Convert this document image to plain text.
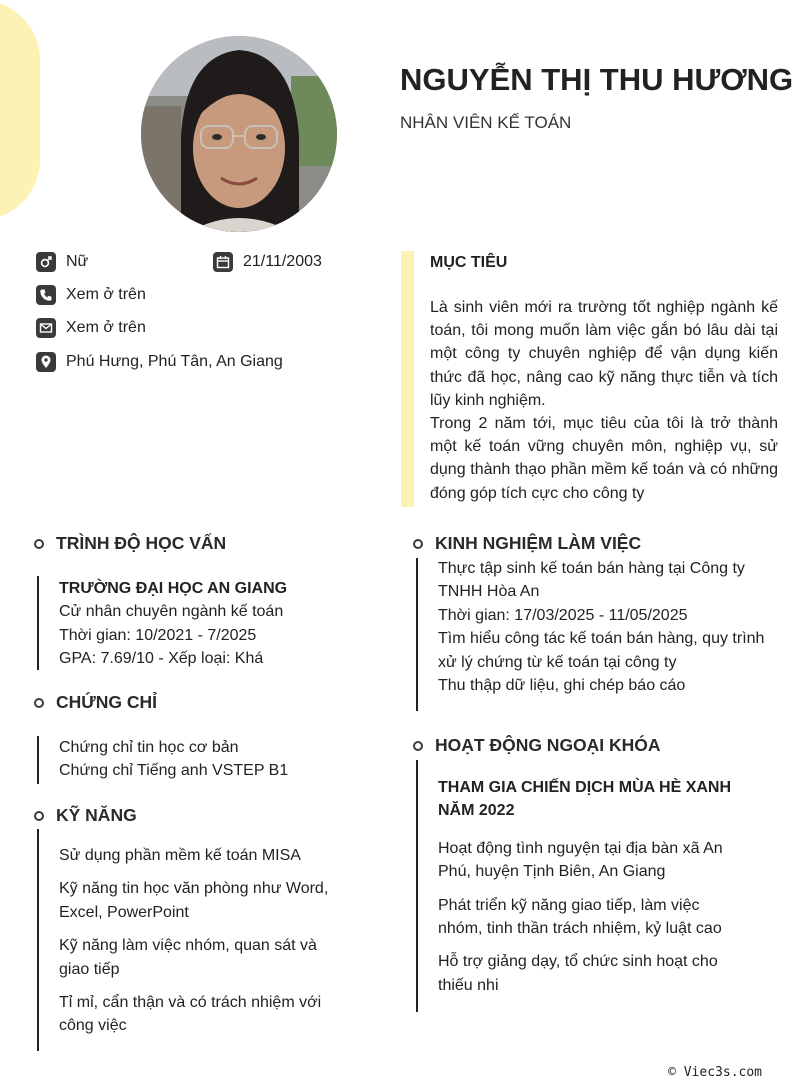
NGUYỄN THỊ THU HƯƠNG
NHÂN VIÊN KẾ TOÁN
Nữ	21/11/2003
Xem ở trên
Xem ở trên
Phú Hưng, Phú Tân, An Giang
MỤC TIÊU
Là sinh viên mới ra trường tốt nghiệp ngành kế toán, tôi mong muốn làm việc gắn bó lâu dài tại một công ty chuyên nghiệp để vận dụng kiến thức đã học, nâng cao kỹ năng thực tiễn và tích lũy kinh nghiệm.
Trong 2 năm tới, mục tiêu của tôi là trở thành một kế toán vững chuyên môn, nghiệp vụ, sử dụng thành thạo phần mềm kế toán và có những đóng góp tích cực cho công ty
TRÌNH ĐỘ HỌC VẤN
TRƯỜNG ĐẠI HỌC AN GIANG
Cử nhân chuyên ngành kế toán
Thời gian: 10/2021 - 7/2025
GPA: 7.69/10 - Xếp loại: Khá
CHỨNG CHỈ
Chứng chỉ tin học cơ bản
Chứng chỉ Tiếng anh VSTEP B1
KỸ NĂNG
Sử dụng phần mềm kế toán MISA
Kỹ năng tin học văn phòng như Word, Excel, PowerPoint
Kỹ năng làm việc nhóm, quan sát và giao tiếp
Tỉ mỉ, cẩn thận và có trách nhiệm với công việc
KINH NGHIỆM LÀM VIỆC
Thực tập sinh kế toán bán hàng tại Công ty TNHH Hòa An
Thời gian: 17/03/2025 - 11/05/2025
Tìm hiểu công tác kế toán bán hàng, quy trình xử lý chứng từ kế toán tại công ty
Thu thập dữ liệu, ghi chép báo cáo
HOẠT ĐỘNG NGOẠI KHÓA
THAM GIA CHIẾN DỊCH MÙA HÈ XANH NĂM 2022
Hoạt động tình nguyện tại địa bàn xã An Phú, huyện Tịnh Biên, An Giang
Phát triển kỹ năng giao tiếp, làm việc nhóm, tinh thần trách nhiệm, kỷ luật cao
Hỗ trợ giảng dạy, tổ chức sinh hoạt cho thiếu nhi
© Viec3s.com
